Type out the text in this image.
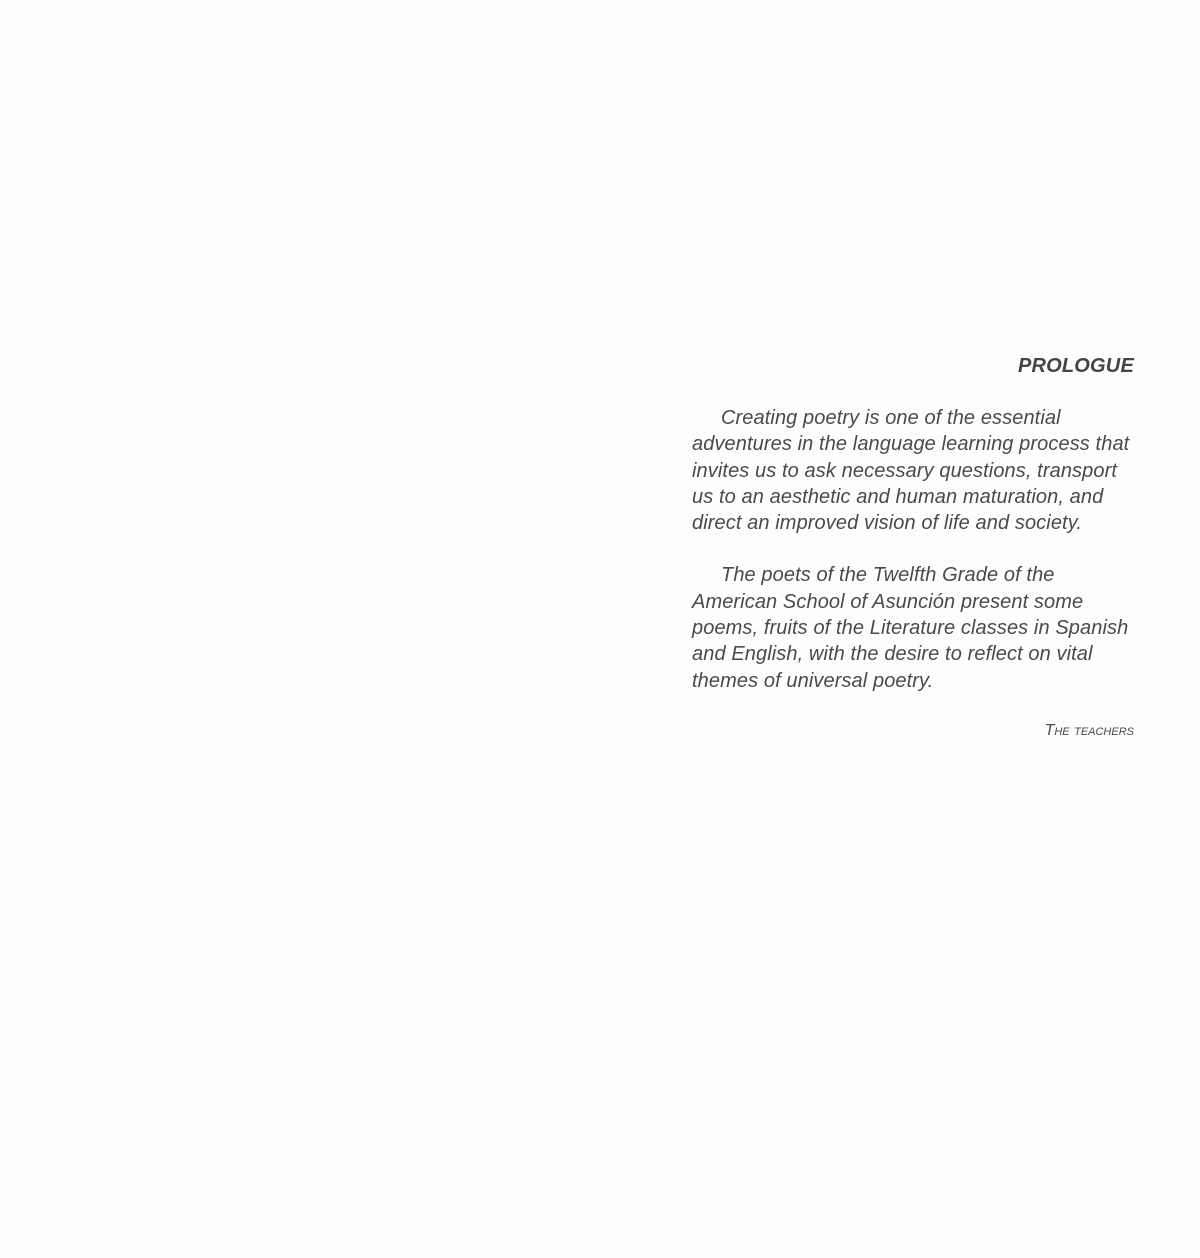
PROLOGUE

Creating poetry is one of the essential adventures in the language learning process that invites us to ask necessary questions, transport us to an aesthetic and human maturation, and direct an improved vision of life and society.

The poets of the Twelfth Grade of the American School of Asunción present some poems, fruits of the Literature classes in Spanish and English, with the desire to reflect on vital themes of universal poetry.

The teachers
